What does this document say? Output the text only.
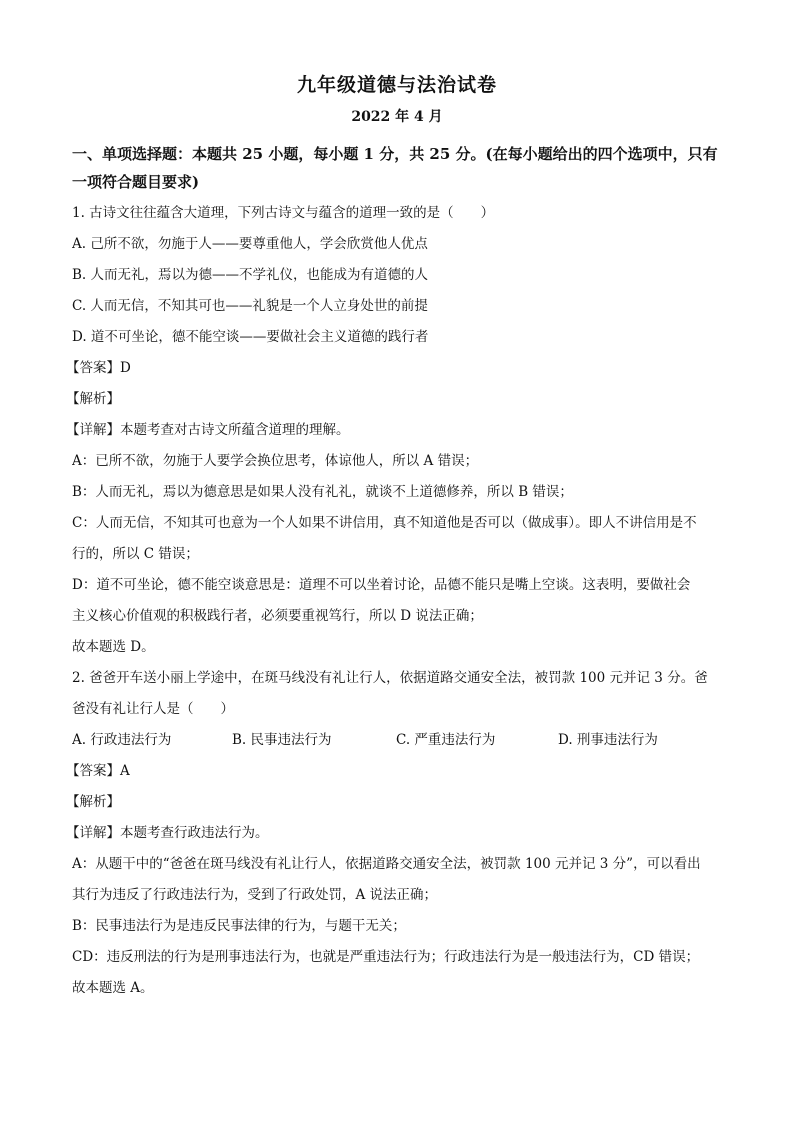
九年级道德与法治试卷
2022 年 4 月
一、单项选择题：本题共 25 小题，每小题 1 分，共 25 分。(在每小题给出的四个选项中，只有一项符合题目要求)
1. 古诗文往往蕴含大道理，下列古诗文与蕴含的道理一致的是（　　）
A. 己所不欲，勿施于人——要尊重他人，学会欣赏他人优点
B. 人而无礼，焉以为德——不学礼仪，也能成为有道德的人
C. 人而无信，不知其可也——礼貌是一个人立身处世的前提
D. 道不可坐论，德不能空谈——要做社会主义道德的践行者
【答案】D
【解析】
【详解】本题考查对古诗文所蕴含道理的理解。
A：已所不欲，勿施于人要学会换位思考，体谅他人，所以 A 错误；
B：人而无礼，焉以为德意思是如果人没有礼礼，就谈不上道德修养，所以 B 错误；
C：人而无信，不知其可也意为一个人如果不讲信用，真不知道他是否可以（做成事）。即人不讲信用是不
行的，所以 C 错误；
D：道不可坐论，德不能空谈意思是：道理不可以坐着讨论，品德不能只是嘴上空谈。这表明，要做社会
主义核心价值观的积极践行者，必须要重视笃行，所以 D 说法正确；
故本题选 D。
2. 爸爸开车送小丽上学途中，在斑马线没有礼让行人，依据道路交通安全法，被罚款 100 元并记 3 分。爸
爸没有礼让行人是（　　）
A. 行政违法行为	B. 民事违法行为	C. 严重违法行为	D. 刑事违法行为
【答案】A
【解析】
【详解】本题考查行政违法行为。
A：从题干中的“爸爸在斑马线没有礼让行人，依据道路交通安全法，被罚款 100 元并记 3 分”，可以看出
其行为违反了行政违法行为，受到了行政处罚，A 说法正确；
B：民事违法行为是违反民事法律的行为，与题干无关；
CD：违反刑法的行为是刑事违法行为，也就是严重违法行为；行政违法行为是一般违法行为，CD 错误；
故本题选 A。
